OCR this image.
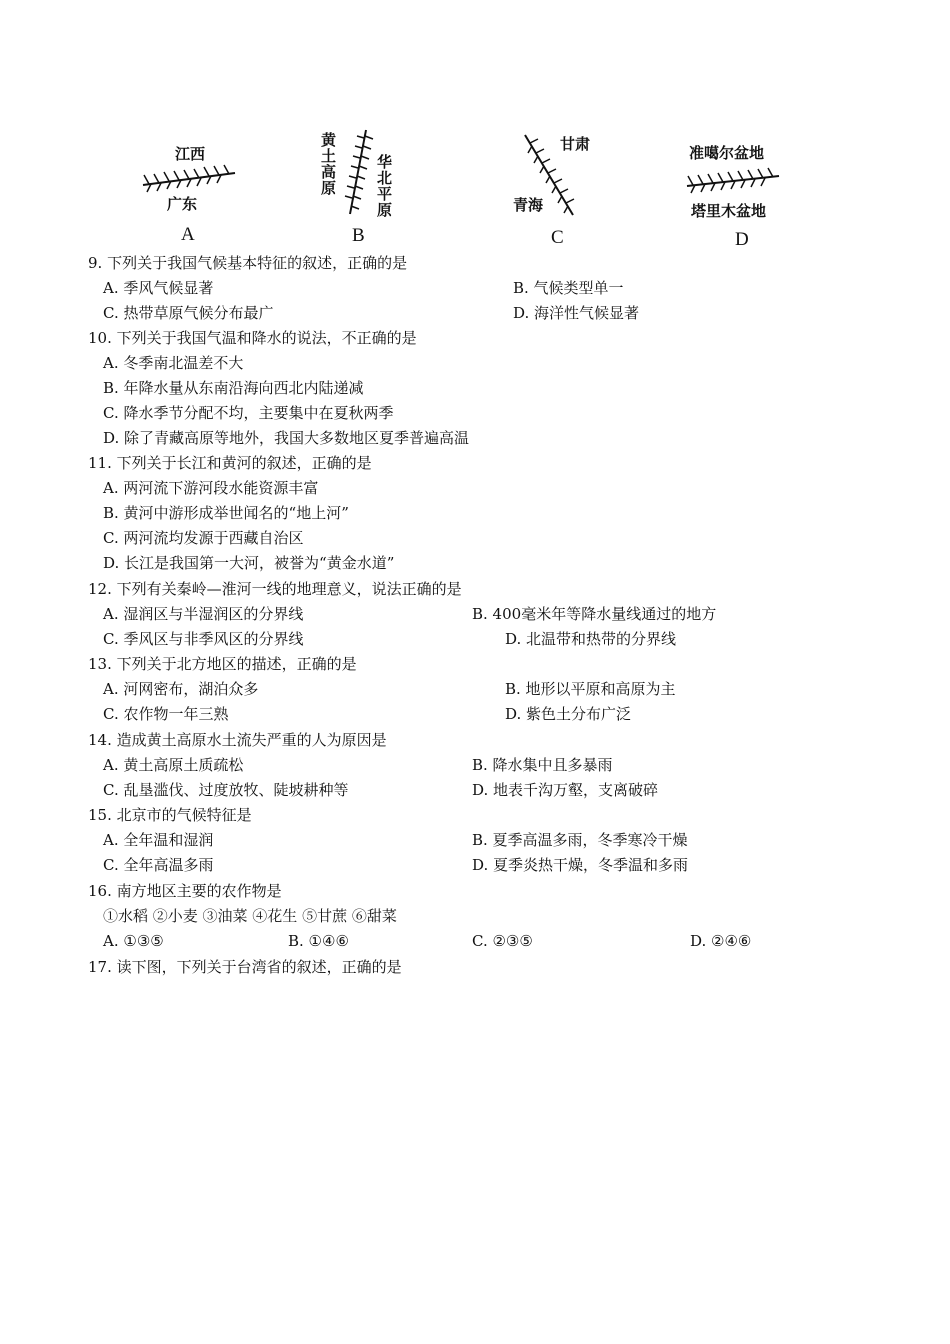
江西
广东
A
黄土高原	华北平原
B
甘肃
青海
C
准噶尔盆地
塔里木盆地
D
9. 下列关于我国气候基本特征的叙述，正确的是
A. 季风气候显著	B. 气候类型单一
C. 热带草原气候分布最广	D. 海洋性气候显著
10. 下列关于我国气温和降水的说法，不正确的是
A. 冬季南北温差不大
B. 年降水量从东南沿海向西北内陆递减
C. 降水季节分配不均，主要集中在夏秋两季
D. 除了青藏高原等地外，我国大多数地区夏季普遍高温
11. 下列关于长江和黄河的叙述，正确的是
A. 两河流下游河段水能资源丰富
B. 黄河中游形成举世闻名的“地上河”
C. 两河流均发源于西藏自治区
D. 长江是我国第一大河，被誉为“黄金水道”
12. 下列有关秦岭—淮河一线的地理意义，说法正确的是
A. 湿润区与半湿润区的分界线	B. 400毫米年等降水量线通过的地方
C. 季风区与非季风区的分界线	D. 北温带和热带的分界线
13. 下列关于北方地区的描述，正确的是
A. 河网密布，湖泊众多	B. 地形以平原和高原为主
C. 农作物一年三熟	D. 紫色土分布广泛
14. 造成黄土高原水土流失严重的人为原因是
A. 黄土高原土质疏松	B. 降水集中且多暴雨
C. 乱垦滥伐、过度放牧、陡坡耕种等	D. 地表千沟万壑，支离破碎
15. 北京市的气候特征是
A. 全年温和湿润	B. 夏季高温多雨，冬季寒冷干燥
C. 全年高温多雨	D. 夏季炎热干燥，冬季温和多雨
16. 南方地区主要的农作物是
①水稻 ②小麦 ③油菜 ④花生 ⑤甘蔗 ⑥甜菜
A. ①③⑤	B. ①④⑥	C. ②③⑤	D. ②④⑥
17. 读下图，下列关于台湾省的叙述，正确的是
